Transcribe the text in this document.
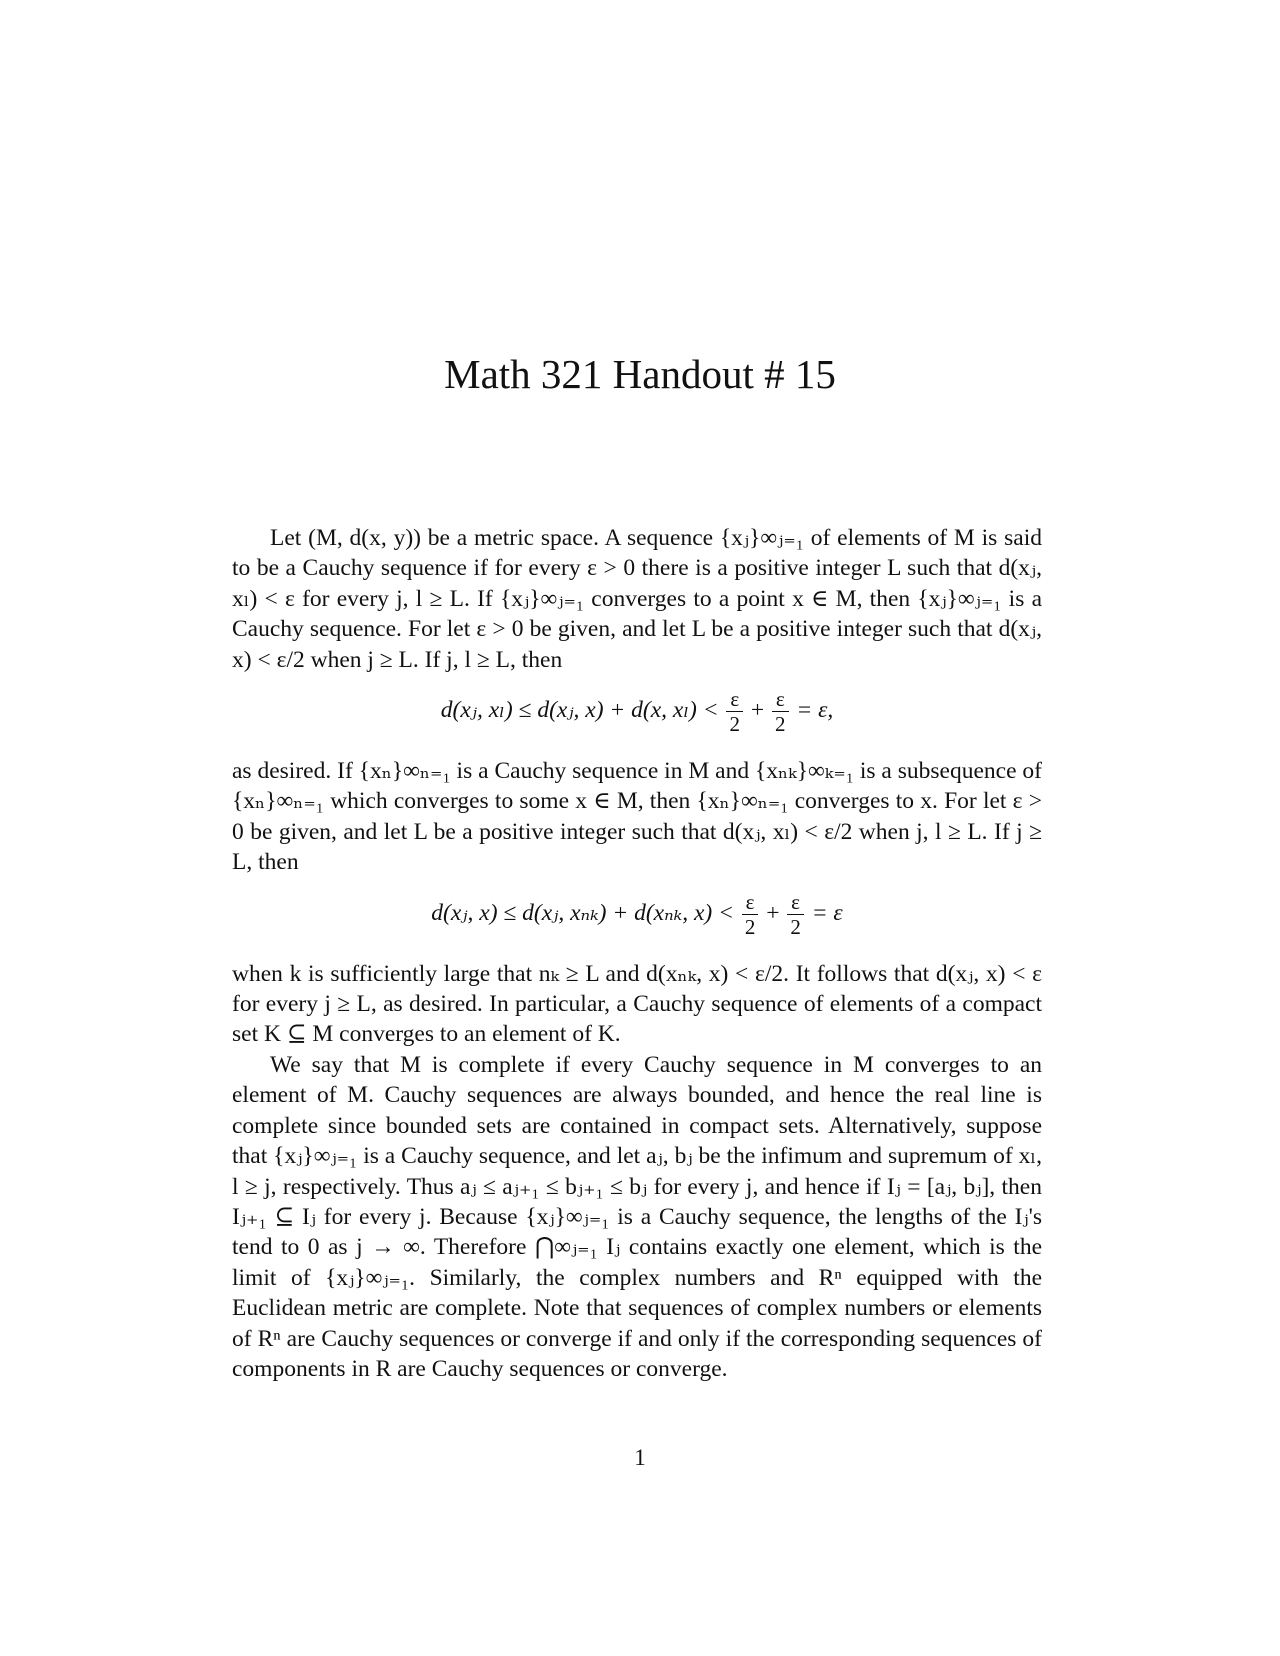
Math 321 Handout # 15

Let (M, d(x, y)) be a metric space. A sequence {xⱼ}∞ⱼ₌₁ of elements of M is said to be a Cauchy sequence if for every ε > 0 there is a positive integer L such that d(xⱼ, xₗ) < ε for every j, l ≥ L. If {xⱼ}∞ⱼ₌₁ converges to a point x ∈ M, then {xⱼ}∞ⱼ₌₁ is a Cauchy sequence. For let ε > 0 be given, and let L be a positive integer such that d(xⱼ, x) < ε/2 when j ≥ L. If j, l ≥ L, then

d(xⱼ, xₗ) ≤ d(xⱼ, x) + d(x, $x_l) < \frac{\varepsilon}{2} + \frac{\varepsilon}{2} = \varepsilon$,

as desired. If {xₙ}∞ₙ₌₁ is a Cauchy sequence in M and {xₙₖ}∞ₖ₌₁ is a subsequence of {xₙ}∞ₙ₌₁ which converges to some x ∈ M, then {xₙ}∞ₙ₌₁ converges to x. For let ε > 0 be given, and let L be a positive integer such that d(xⱼ, xₗ) < ε/2 when j, l ≥ L. If j ≥ L, then

d(xⱼ, x) ≤ d(xⱼ, xₙₖ) + d(xₙₖ, $x) < \frac{\varepsilon}{2} + \frac{\varepsilon}{2} = \varepsilon$

when k is sufficiently large that nₖ ≥ L and d(xₙₖ, x) < ε/2. It follows that d(xⱼ, x) < ε for every j ≥ L, as desired. In particular, a Cauchy sequence of elements of a compact set K ⊆ M converges to an element of K.

We say that M is complete if every Cauchy sequence in M converges to an element of M. Cauchy sequences are always bounded, and hence the real line is complete since bounded sets are contained in compact sets. Alternatively, suppose that {xⱼ}∞ⱼ₌₁ is a Cauchy sequence, and let aⱼ, bⱼ be the infimum and supremum of xₗ, l ≥ j, respectively. Thus aⱼ ≤ aⱼ₊₁ ≤ bⱼ₊₁ ≤ bⱼ for every j, and hence if Iⱼ = [aⱼ, bⱼ], then Iⱼ₊₁ ⊆ Iⱼ for every j. Because {xⱼ}∞ⱼ₌₁ is a Cauchy sequence, the lengths of the Iⱼ's tend to 0 as j → ∞. Therefore ⋂∞ⱼ₌₁ Iⱼ contains exactly one element, which is the limit of {xⱼ}∞ⱼ₌₁. Similarly, the complex numbers and Rⁿ equipped with the Euclidean metric are complete. Note that sequences of complex numbers or elements of Rⁿ are Cauchy sequences or converge if and only if the corresponding sequences of components in R are Cauchy sequences or converge.

1
